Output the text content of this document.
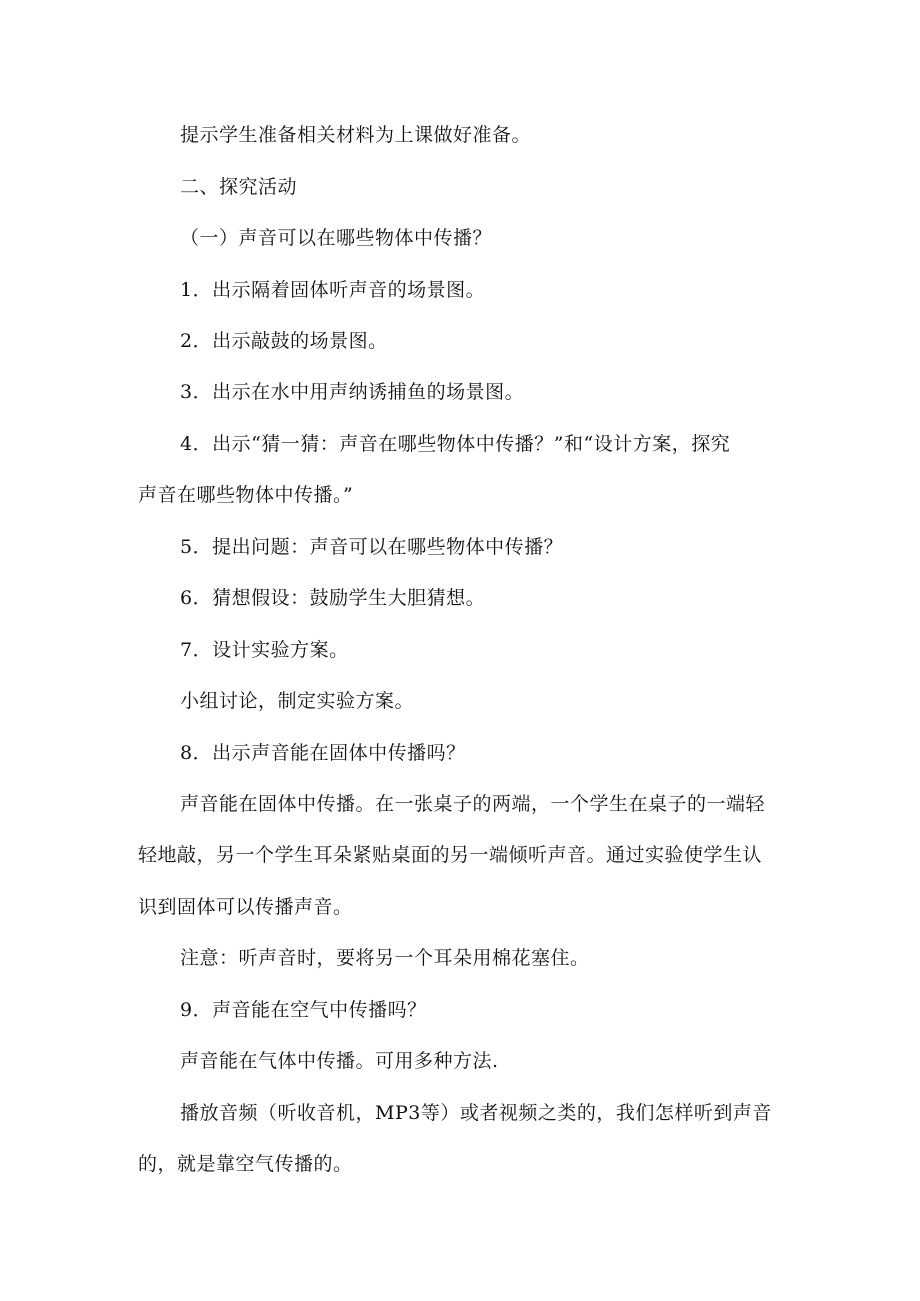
提示学生准备相关材料为上课做好准备。
二、探究活动
（一）声音可以在哪些物体中传播？
1．出示隔着固体听声音的场景图。
2．出示敲鼓的场景图。
3．出示在水中用声纳诱捕鱼的场景图。
4．出示“猜一猜：声音在哪些物体中传播？”和“设计方案，探究
声音在哪些物体中传播。”
5．提出问题：声音可以在哪些物体中传播？
6．猜想假设：鼓励学生大胆猜想。
7．设计实验方案。
小组讨论，制定实验方案。
8．出示声音能在固体中传播吗？
声音能在固体中传播。在一张桌子的两端，一个学生在桌子的一端轻
轻地敲，另一个学生耳朵紧贴桌面的另一端倾听声音。通过实验使学生认
识到固体可以传播声音。
注意：听声音时，要将另一个耳朵用棉花塞住。
9．声音能在空气中传播吗？
声音能在气体中传播。可用多种方法.
播放音频（听收音机，MP3等）或者视频之类的，我们怎样听到声音
的，就是靠空气传播的。
